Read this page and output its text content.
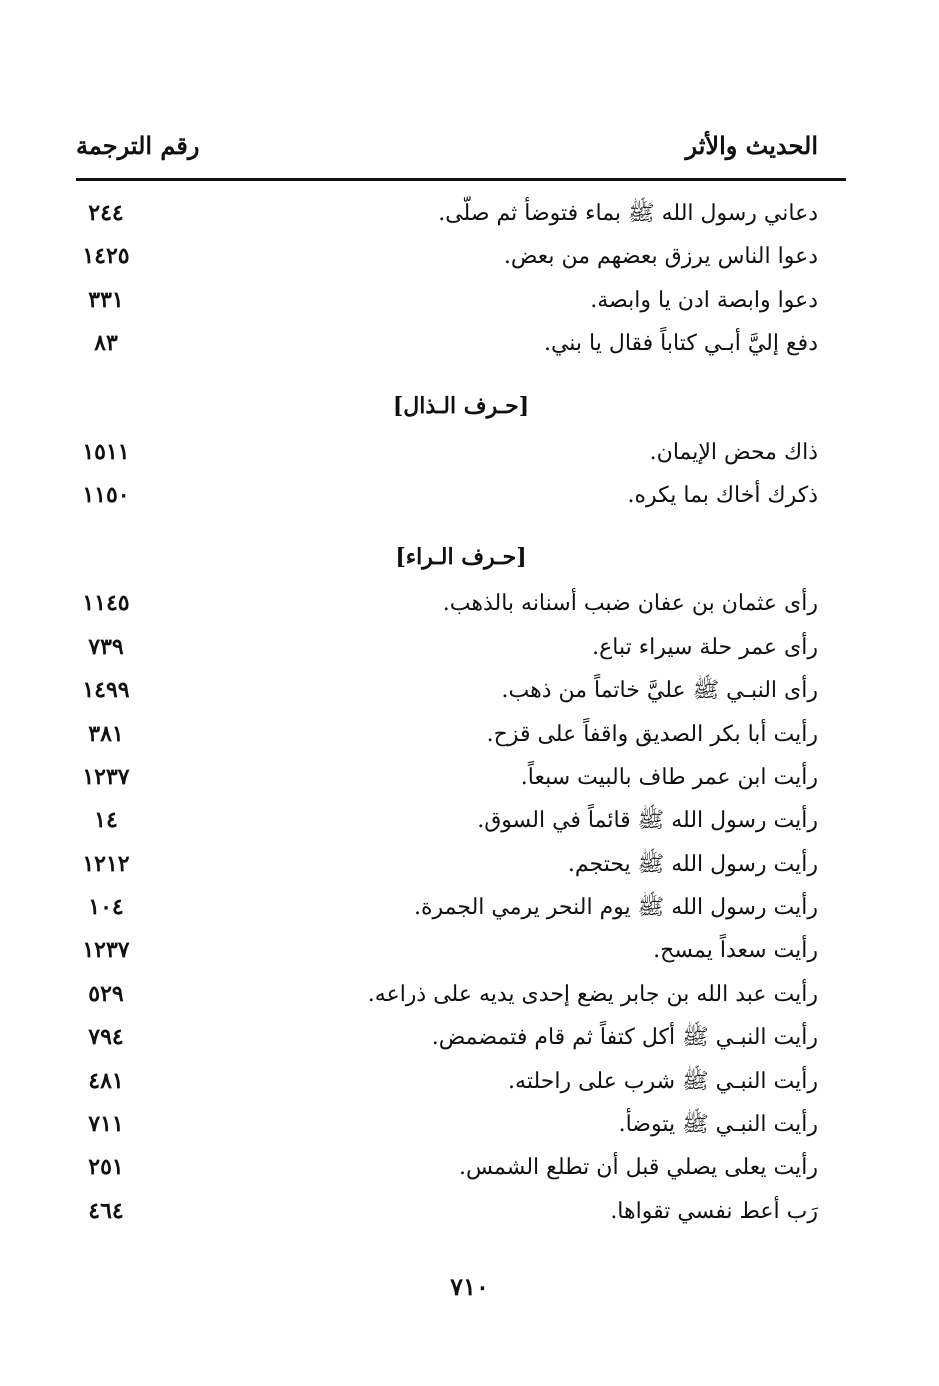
الحديث والأثر
رقم الترجمة
دعاني رسول الله ﷺ بماء فتوضأ ثم صلّى.
٢٤٤
دعوا الناس يرزق بعضهم من بعض.
١٤٢٥
دعوا وابصة ادن يا وابصة.
٣٣١
دفع إليَّ أبـي كتاباً فقال يا بني.
٨٣
[حـرف الـذال]
ذاك محض الإيمان.
١٥١١
ذكرك أخاك بما يكره.
١١٥٠
[حـرف الـراء]
رأى عثمان بن عفان ضبب أسنانه بالذهب.
١١٤٥
رأى عمر حلة سيراء تباع.
٧٣٩
رأى النبـي ﷺ عليَّ خاتماً من ذهب.
١٤٩٩
رأيت أبا بكر الصديق واقفاً على قزح.
٣٨١
رأيت ابن عمر طاف بالبيت سبعاً.
١٢٣٧
رأيت رسول الله ﷺ قائماً في السوق.
١٤
رأيت رسول الله ﷺ يحتجم.
١٢١٢
رأيت رسول الله ﷺ يوم النحر يرمي الجمرة.
١٠٤
رأيت سعداً يمسح.
١٢٣٧
رأيت عبد الله بن جابر يضع إحدى يديه على ذراعه.
٥٢٩
رأيت النبـي ﷺ أكل كتفاً ثم قام فتمضمض.
٧٩٤
رأيت النبـي ﷺ شرب على راحلته.
٤٨١
رأيت النبـي ﷺ يتوضأ.
٧١١
رأيت يعلى يصلي قبل أن تطلع الشمس.
٢٥١
رَب أعط نفسي تقواها.
٤٦٤
٧١٠
